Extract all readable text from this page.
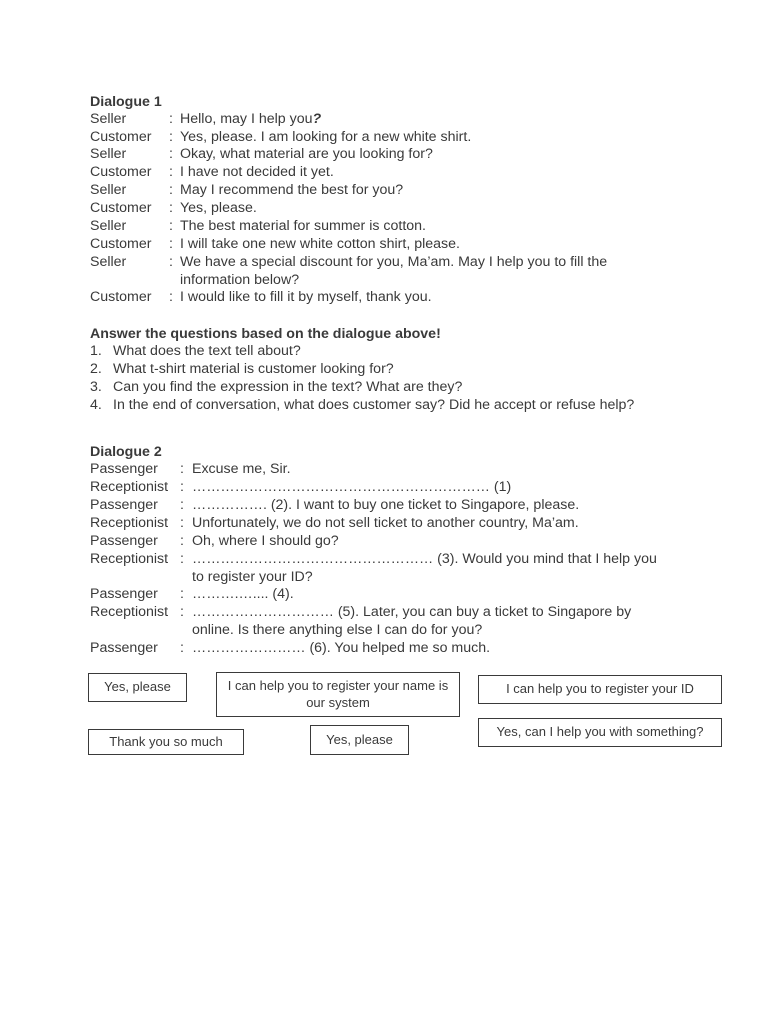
Dialogue 1
Seller	: Hello, may I help you?
Customer : Yes, please. I am looking for a new white shirt.
Seller	: Okay, what material are you looking for?
Customer : I have not decided it yet.
Seller	: May I recommend the best for you?
Customer : Yes, please.
Seller	: The best material for summer is cotton.
Customer : I will take one new white cotton shirt, please.
Seller	: We have a special discount for you, Ma’am. May I help you to fill the information below?
Customer : I would like to fill it by myself, thank you.
Answer the questions based on the dialogue above!
1. What does the text tell about?
2. What t-shirt material is customer looking for?
3. Can you find the expression in the text? What are they?
4. In the end of conversation, what does customer say? Did he accept or refuse help?
Dialogue 2
Passenger : Excuse me, Sir.
Receptionist : ……………………………………………………… (1)
Passenger : ……………. (2). I want to buy one ticket to Singapore, please.
Receptionist : Unfortunately, we do not sell ticket to another country, Ma’am.
Passenger : Oh, where I should go?
Receptionist : …………………………………………… (3). Would you mind that I help you to register your ID?
Passenger : ……….….... (4).
Receptionist : ………………………… (5). Later, you can buy a ticket to Singapore by online. Is there anything else I can do for you?
Passenger : …………………… (6). You helped me so much.
Yes, please	I can help you to register your name is our system
I can help you to register your ID
Thank you so much	Yes, please	Yes, can I help you with something?
